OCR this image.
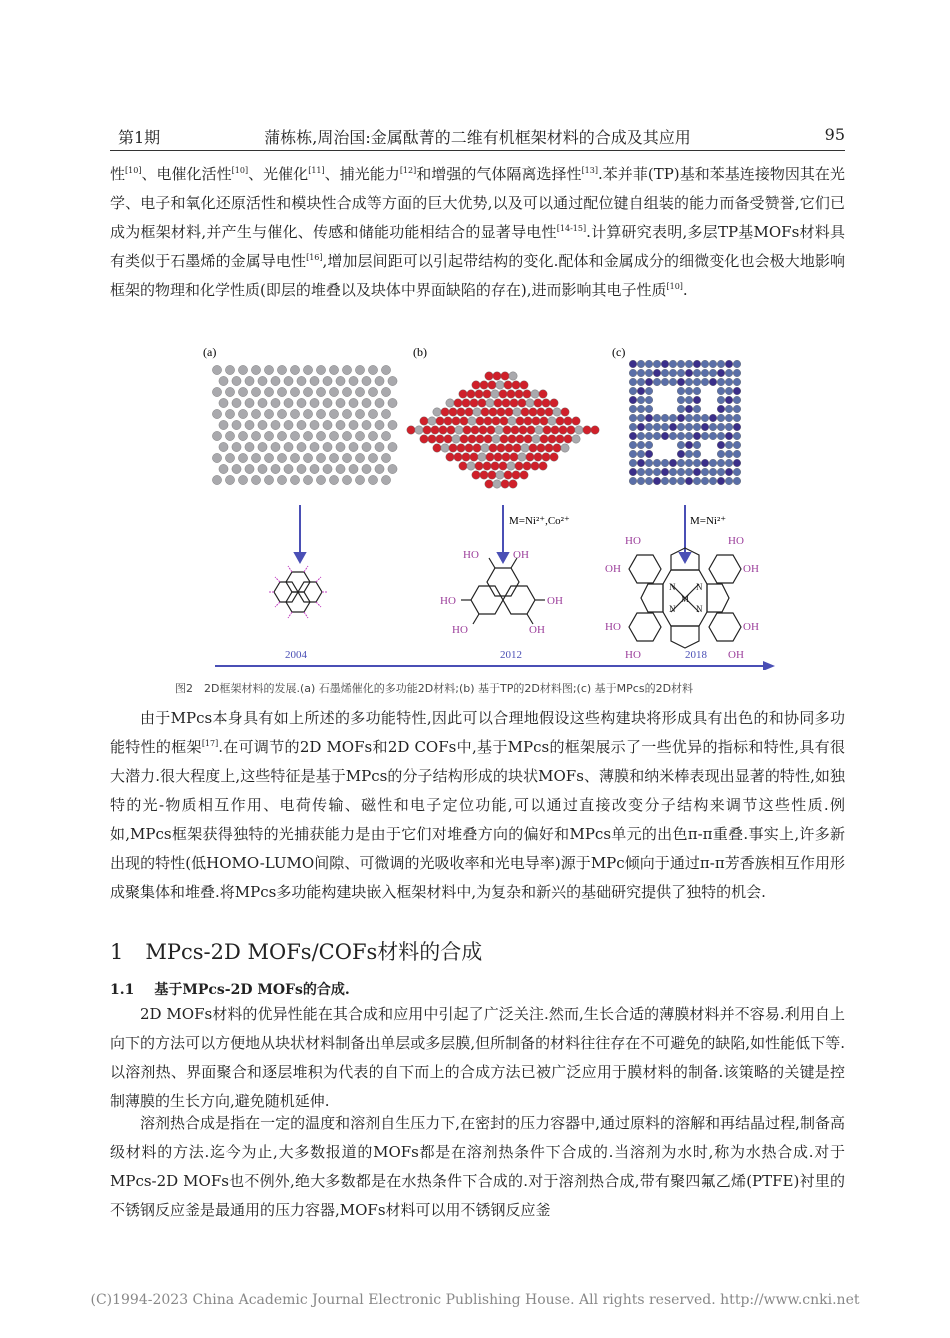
第1期	蒲栋栋,周治国:金属酞菁的二维有机框架材料的合成及其应用	95

性[10]、电催化活性[10]、光催化[11]、捕光能力[12]和增强的气体隔离选择性[13].苯并菲(TP)基和苯基连接物因其在光学、电子和氧化还原活性和模块性合成等方面的巨大优势,以及可以通过配位键自组装的能力而备受赞誉,它们已成为框架材料,并产生与催化、传感和储能功能相结合的显著导电性[14-15].计算研究表明,多层TP基MOFs材料具有类似于石墨烯的金属导电性[16],增加层间距可以引起带结构的变化.配体和金属成分的细微变化也会极大地影响框架的物理和化学性质(即层的堆叠以及块体中界面缺陷的存在),进而影响其电子性质[10].

(a)	(b)	(c)
M=Ni²⁺,Co²⁺	M=Ni²⁺
HO	OH
HO	OH
HO	OH
M
N N
N N
HO	HO
OH	OH
HO	OH
HO	OH
2004	2012	2018
图2　2D框架材料的发展.(a) 石墨烯催化的多功能2D材料;(b) 基于TP的2D材料图;(c) 基于MPcs的2D材料

由于MPcs本身具有如上所述的多功能特性,因此可以合理地假设这些构建块将形成具有出色的和协同多功能特性的框架[17].在可调节的2D MOFs和2D COFs中,基于MPcs的框架展示了一些优异的指标和特性,具有很大潜力.很大程度上,这些特征是基于MPcs的分子结构形成的块状MOFs、薄膜和纳米棒表现出显著的特性,如独特的光-物质相互作用、电荷传输、磁性和电子定位功能,可以通过直接改变分子结构来调节这些性质.例如,MPcs框架获得独特的光捕获能力是由于它们对堆叠方向的偏好和MPcs单元的出色π-π重叠.事实上,许多新出现的特性(低HOMO-LUMO间隙、可微调的光吸收率和光电导率)源于MPc倾向于通过π-π芳香族相互作用形成聚集体和堆叠.将MPcs多功能构建块嵌入框架材料中,为复杂和新兴的基础研究提供了独特的机会.

1 MPcs-2D MOFs/COFs材料的合成
1.1 基于MPcs-2D MOFs的合成.

2D MOFs材料的优异性能在其合成和应用中引起了广泛关注.然而,生长合适的薄膜材料并不容易.利用自上向下的方法可以方便地从块状材料制备出单层或多层膜,但所制备的材料往往存在不可避免的缺陷,如性能低下等.以溶剂热、界面聚合和逐层堆积为代表的自下而上的合成方法已被广泛应用于膜材料的制备.该策略的关键是控制薄膜的生长方向,避免随机延伸.

溶剂热合成是指在一定的温度和溶剂自生压力下,在密封的压力容器中,通过原料的溶解和再结晶过程,制备高级材料的方法.迄今为止,大多数报道的MOFs都是在溶剂热条件下合成的.当溶剂为水时,称为水热合成.对于MPcs-2D MOFs也不例外,绝大多数都是在水热条件下合成的.对于溶剂热合成,带有聚四氟乙烯(PTFE)衬里的不锈钢反应釜是最通用的压力容器,MOFs材料可以用不锈钢反应釜

(C)1994-2023 China Academic Journal Electronic Publishing House. All rights reserved. http://www.cnki.net
